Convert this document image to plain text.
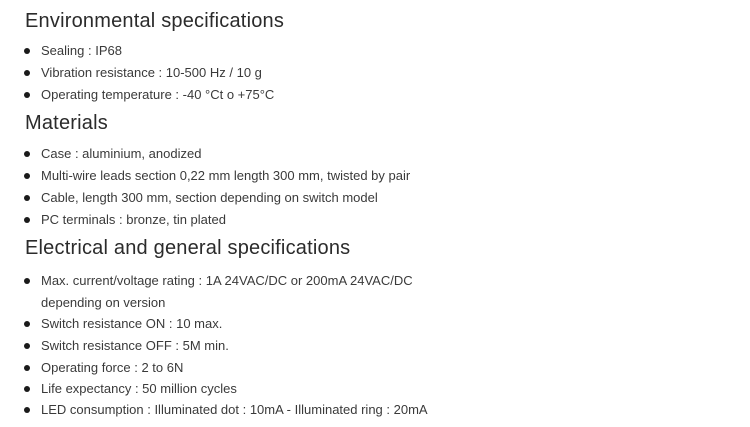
Environmental specifications
Sealing : IP68
Vibration resistance : 10-500 Hz / 10 g
Operating temperature : -40 °Ct o +75°C
Materials
Case : aluminium, anodized
Multi-wire leads section 0,22 mm length 300 mm, twisted by pair
Cable, length 300 mm, section depending on switch model
PC terminals : bronze, tin plated
Electrical and general specifications
Max. current/voltage rating : 1A 24VAC/DC or 200mA 24VAC/DC
depending on version
Switch resistance ON : 10 max.
Switch resistance OFF : 5M min.
Operating force : 2 to 6N
Life expectancy : 50 million cycles
LED consumption : Illuminated dot : 10mA - Illuminated ring : 20mA
